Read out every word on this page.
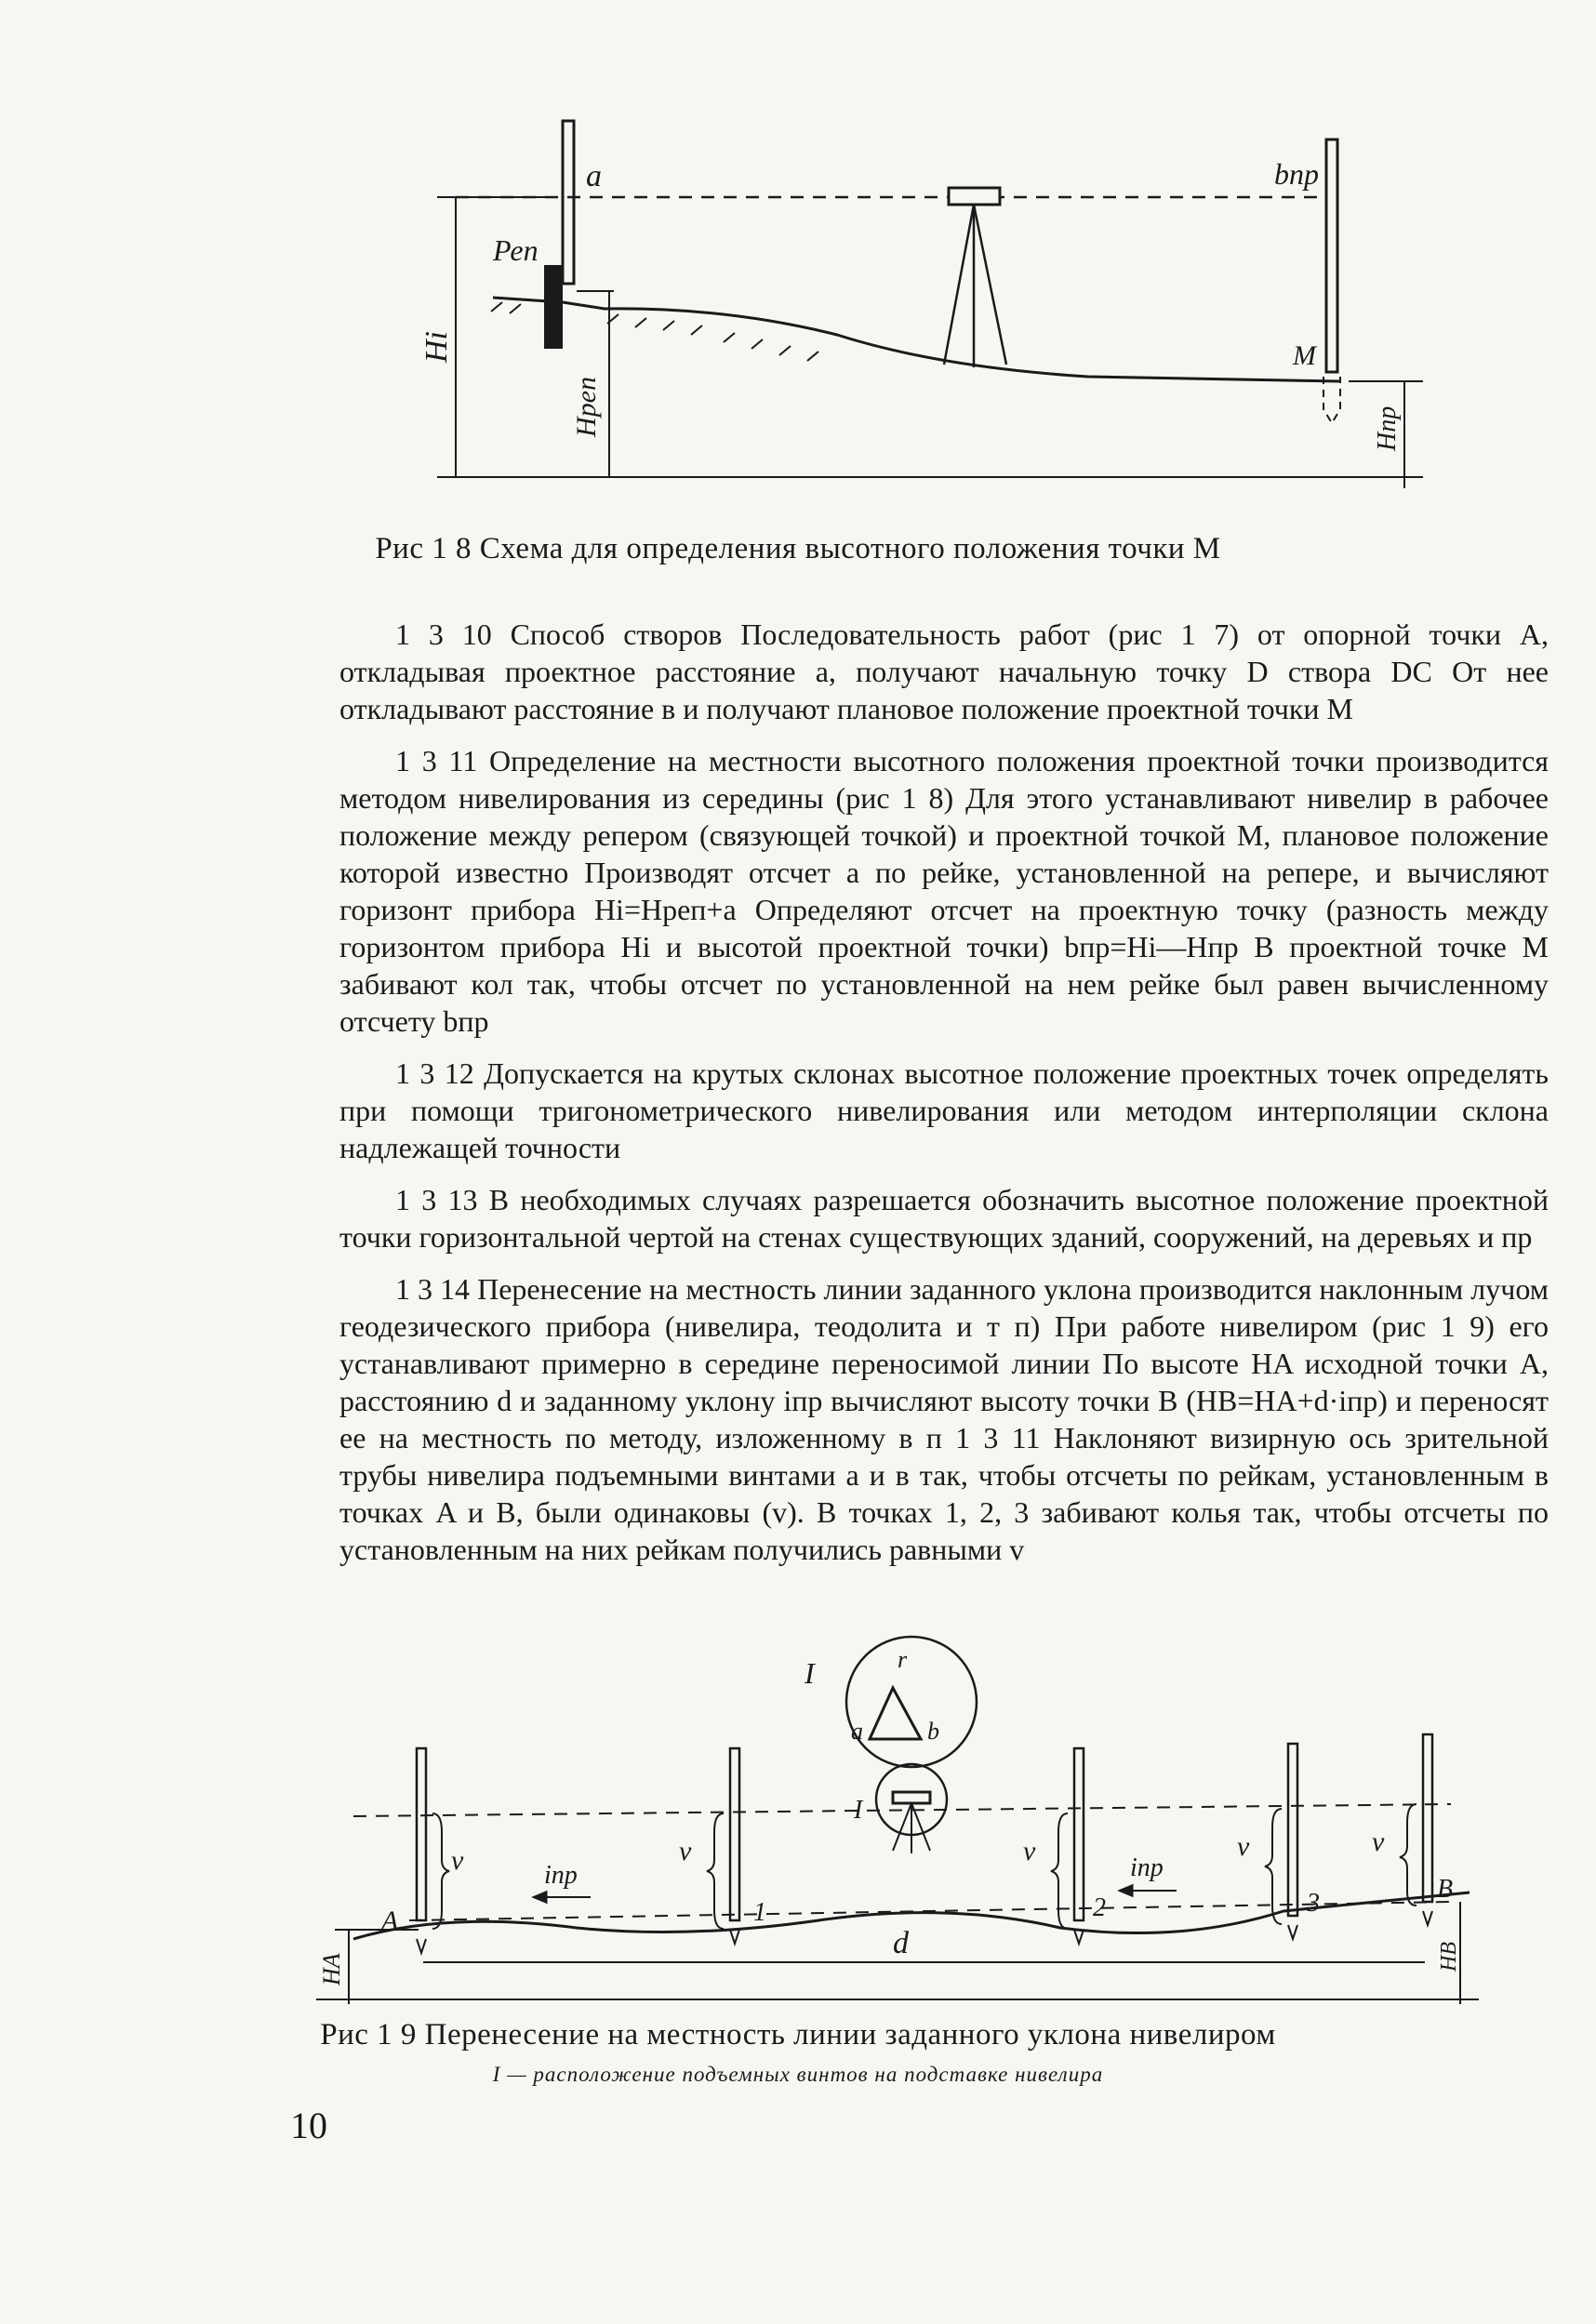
a	bпр
Реп
Hi
Hреп
M
Hпр
Рис 1 8 Схема для определения высотного положения точки M

1 3 10 Способ створов Последовательность работ (рис 1 7) от опорной точки A, откладывая проектное расстояние a, получают начальную точку D створа DC От нее откладывают расстояние в и получают плановое положение проектной точки M

1 3 11 Определение на местности высотного положения проектной точки производится методом нивелирования из середины (рис 1 8) Для этого устанавливают нивелир в рабочее положение между репером (связующей точкой) и проектной точкой M, плановое положение которой известно Производят отсчет a по рейке, установленной на репере, и вычисляют горизонт прибора Hi=Hреп+a Определяют отсчет на проектную точку (разность между горизонтом прибора Hi и высотой проектной точки) bпр=Hi—Hпр В проектной точке M забивают кол так, чтобы отсчет по установленной на нем рейке был равен вычисленному отсчету bпр

1 3 12 Допускается на крутых склонах высотное положение проектных точек определять при помощи тригонометрического нивелирования или методом интерполяции склона надлежащей точности

1 3 13 В необходимых случаях разрешается обозначить высотное положение проектной точки горизонтальной чертой на стенах существующих зданий, сооружений, на деревьях и пр

1 3 14 Перенесение на местность линии заданного уклона производится наклонным лучом геодезического прибора (нивелира, теодолита и т п) При работе нивелиром (рис 1 9) его устанавливают примерно в середине переносимой линии По высоте HA исходной точки A, расстоянию d и заданному уклону iпр вычисляют высоту точки B (HB=HA+d·iпр) и переносят ее на местность по методу, изложенному в п 1 3 11 Наклоняют визирную ось зрительной трубы нивелира подъемными винтами a и в так, чтобы отсчеты по рейкам, установленным в точках A и B, были одинаковы (v). В точках 1, 2, 3 забивают колья так, чтобы отсчеты по установленным на них рейкам получились равными v

I	r
a	b
I
v	v	v	v	v
A	1	2	3	B
iпр	iпр
HA	HB
d
Рис 1 9 Перенесение на местность линии заданного уклона нивелиром
I — расположение подъемных винтов на подставке нивелира
10
